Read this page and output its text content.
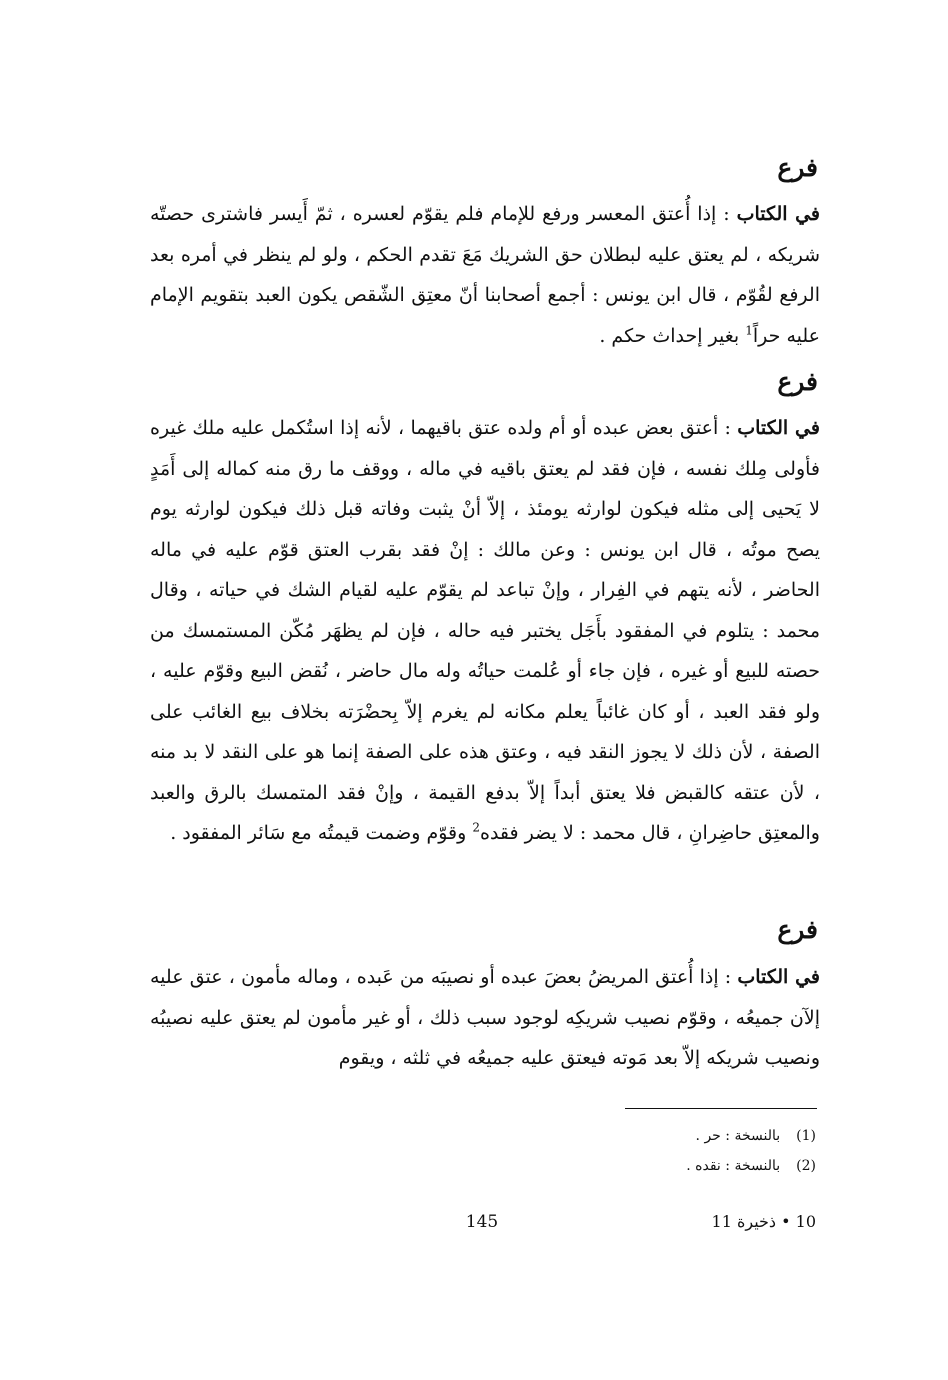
فرع
في الكتاب : إذا أُعتق المعسر ورفع للإمام فلم يقوّم لعسره ، ثمّ أَيسر فاشترى حصتّه شريكه ، لم يعتق عليه لبطلان حق الشريك مَعَ تقدم الحكم ، ولو لم ينظر في أمره بعد الرفع لقُوّم ، قال ابن يونس : أجمع أصحابنا أنّ معتِق الشّقص يكون العبد بتقويم الإمام عليه حراً$^1$ بغير إحداث حكم .
فرع
في الكتاب : أعتق بعض عبده أو أم ولده عتق باقيهما ، لأنه إذا استُكمل عليه ملك غيره فأولى مِلك نفسه ، فإن فقد لم يعتق باقيه في ماله ، ووقف ما رق منه كماله إلى أَمَدٍ لا يَحيى إلى مثله فيكون لوارثه يومئذ ، إلاّ أنْ يثبت وفاته قبل ذلك فيكون لوارثه يوم يصح موتُه ، قال ابن يونس : وعن مالك : إنْ فقد بقرب العتق قوّم عليه في ماله الحاضر ، لأنه يتهم في الفِرار ، وإنْ تباعد لم يقوّم عليه لقيام الشك في حياته ، وقال محمد : يتلوم في المفقود بأَجَل يختبر فيه حاله ، فإن لم يظهَر مُكّن المستمسك من حصته للبيع أو غيره ، فإن جاء أو عُلمت حياتُه وله مال حاضر ، نُقض البيع وقوّم عليه ، ولو فقد العبد ، أو كان غائباً يعلم مكانه لم يغرم إلاّ بِحضْرَته بخلاف بيع الغائب على الصفة ، لأن ذلك لا يجوز النقد فيه ، وعتق هذه على الصفة إنما هو على النقد لا بد منه ، لأن عتقه كالقبض فلا يعتق أبداً إلاّ بدفع القيمة ، وإنْ فقد المتمسك بالرق والعبد والمعتِق حاضِرانِ ، قال محمد : لا يضر فقده$^2$ وقوّم وضمت قيمتُه مع سَائر المفقود .
فرع
في الكتاب : إذا أُعتق المريضُ بعضَ عبده أو نصيبَه من عَبده ، وماله مأمون ، عتق عليه إلآن جميعُه ، وقوّم نصيب شريكِه لوجود سبب ذلك ، أو غير مأمون لم يعتق عليه نصيبُه ونصيب شريكه إلاّ بعد مَوته فيعتق عليه جميعُه في ثلثه ، ويقوم
(1)بالنسخة : حر .
(2)بالنسخة : نقده .
145	10 • ذخيرة 11
